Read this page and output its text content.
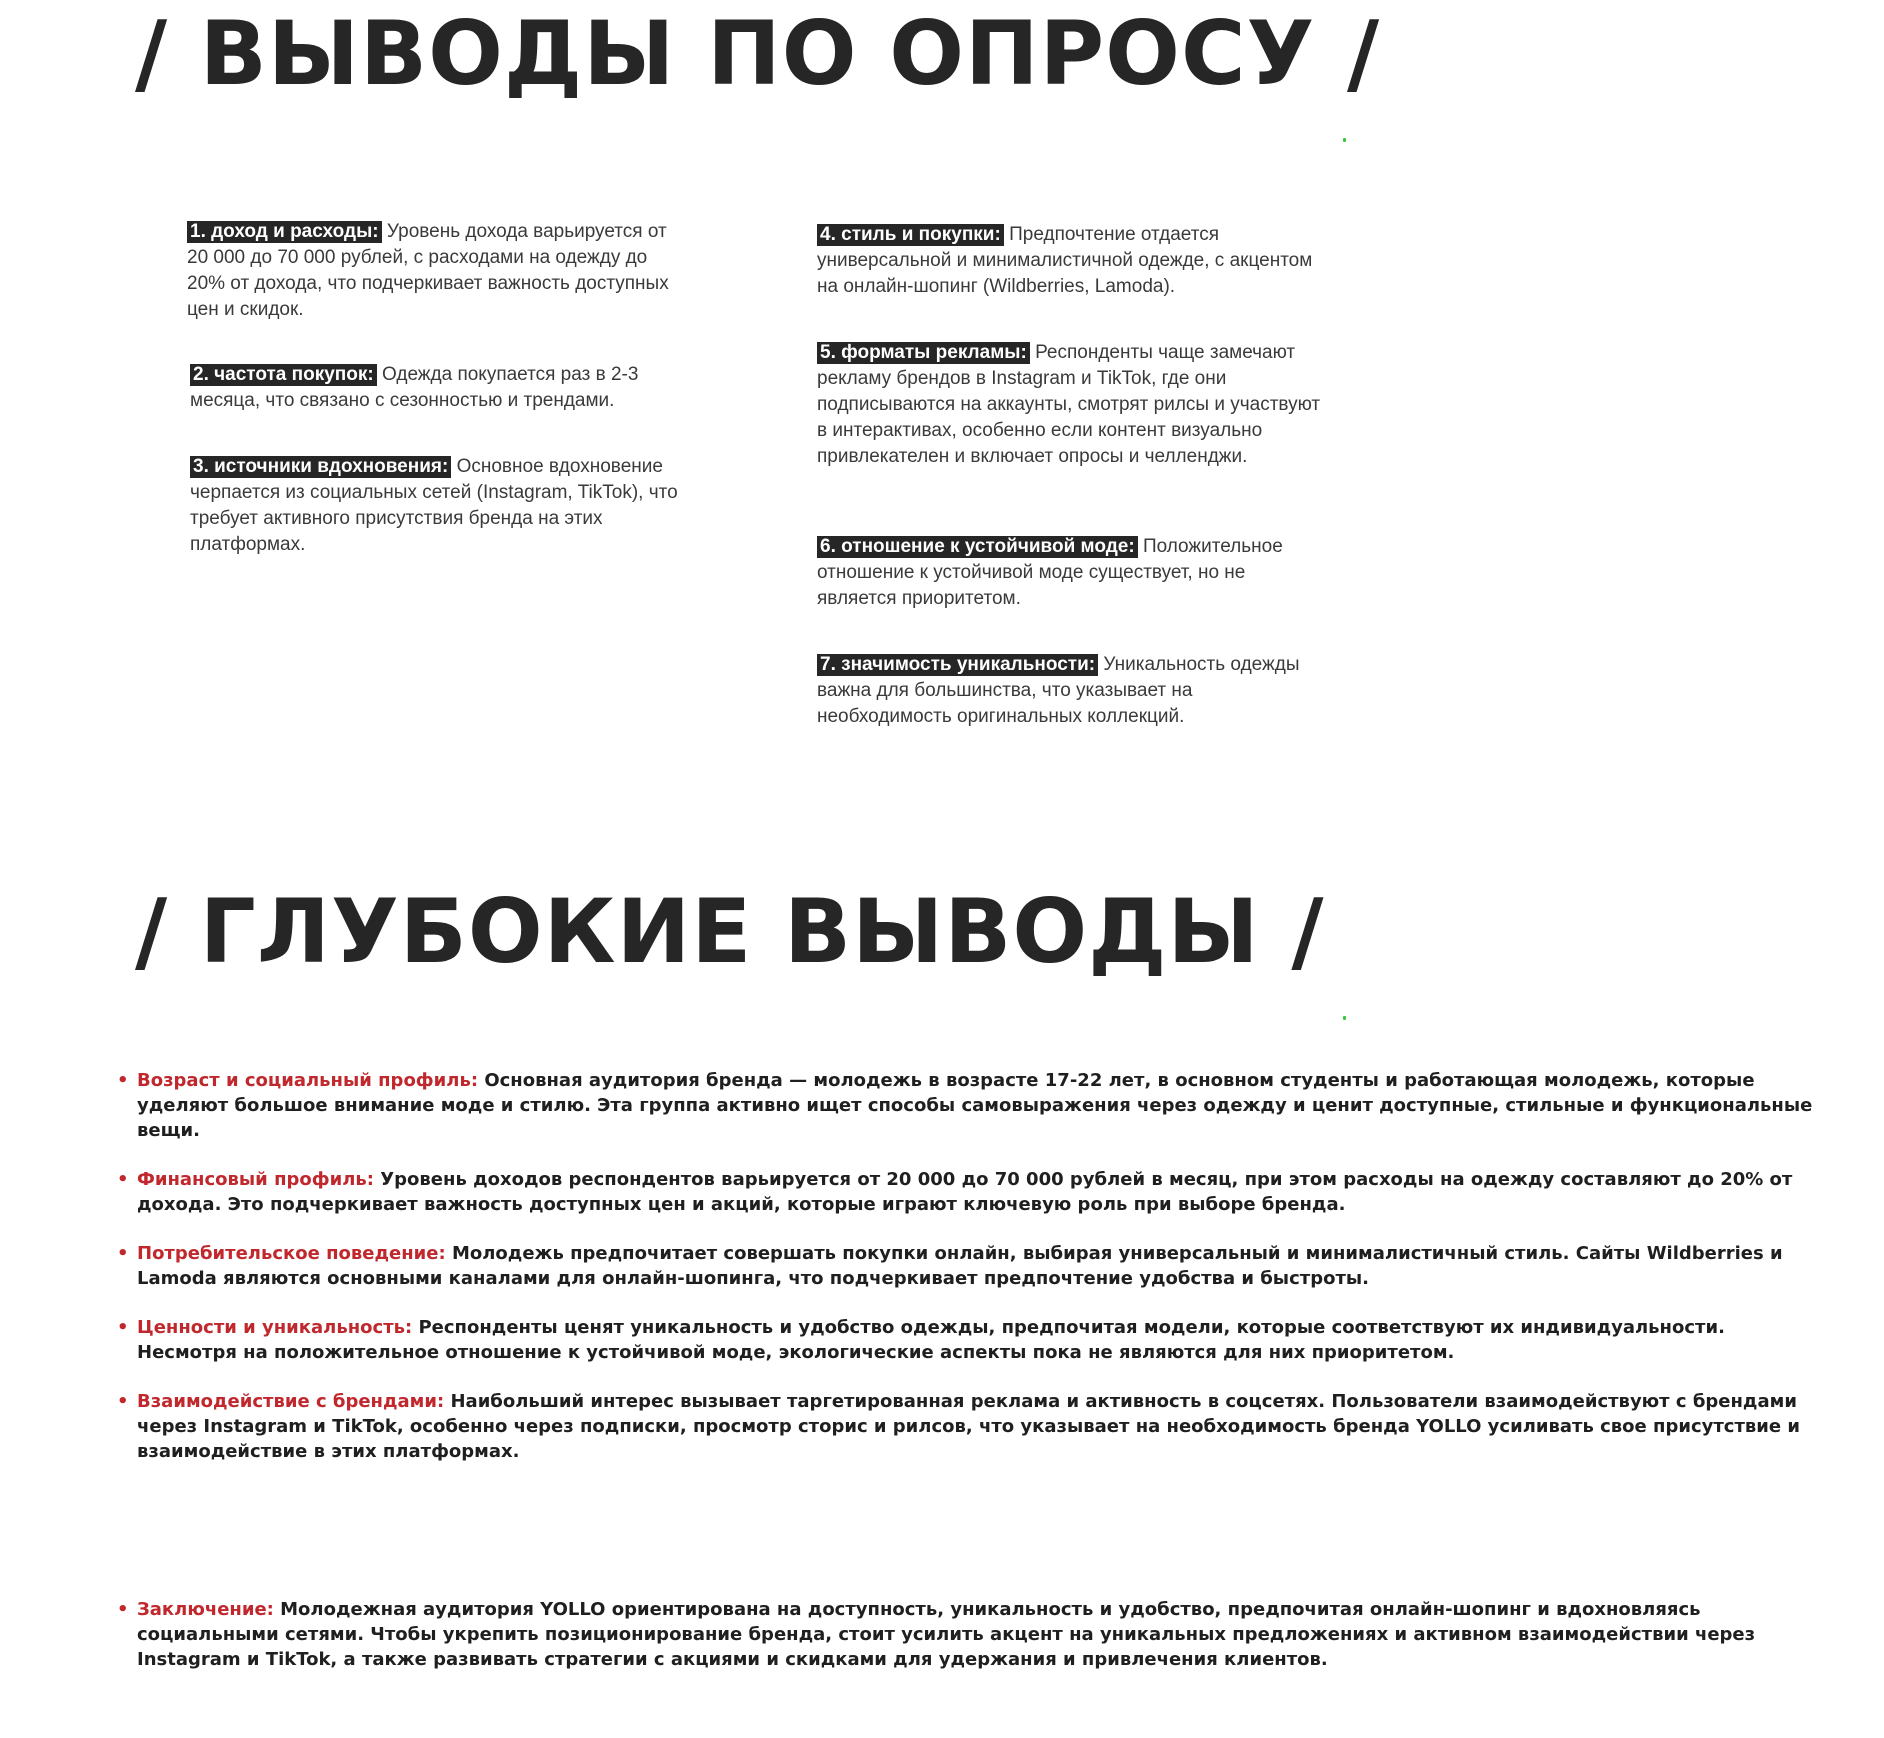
/ ВЫВОДЫ ПО ОПРОСУ /

1. доход и расходы: Уровень дохода варьируется от 20 000 до 70 000 рублей, с расходами на одежду до 20% от дохода, что подчеркивает важность доступных цен и скидок.

2. частота покупок: Одежда покупается раз в 2-3 месяца, что связано с сезонностью и трендами.

3. источники вдохновения: Основное вдохновение черпается из социальных сетей (Instagram, TikTok), что требует активного присутствия бренда на этих платформах.

4. стиль и покупки: Предпочтение отдается универсальной и минималистичной одежде, с акцентом на онлайн-шопинг (Wildberries, Lamoda).

5. форматы рекламы: Респонденты чаще замечают рекламу брендов в Instagram и TikTok, где они подписываются на аккаунты, смотрят рилсы и участвуют в интерактивах, особенно если контент визуально привлекателен и включает опросы и челленджи.

6. отношение к устойчивой моде: Положительное отношение к устойчивой моде существует, но не является приоритетом.

7. значимость уникальности: Уникальность одежды важна для большинства, что указывает на необходимость оригинальных коллекций.

/ ГЛУБОКИЕ ВЫВОДЫ /
• Возраст и социальный профиль: Основная аудитория бренда — молодежь в возрасте 17-22 лет, в основном студенты и работающая молодежь, которые уделяют большое внимание моде и стилю. Эта группа активно ищет способы самовыражения через одежду и ценит доступные, стильные и функциональные вещи.
• Финансовый профиль: Уровень доходов респондентов варьируется от 20 000 до 70 000 рублей в месяц, при этом расходы на одежду составляют до 20% от дохода. Это подчеркивает важность доступных цен и акций, которые играют ключевую роль при выборе бренда.
• Потребительское поведение: Молодежь предпочитает совершать покупки онлайн, выбирая универсальный и минималистичный стиль. Сайты Wildberries и Lamoda являются основными каналами для онлайн-шопинга, что подчеркивает предпочтение удобства и быстроты.
• Ценности и уникальность: Респонденты ценят уникальность и удобство одежды, предпочитая модели, которые соответствуют их индивидуальности. Несмотря на положительное отношение к устойчивой моде, экологические аспекты пока не являются для них приоритетом.
• Взаимодействие с брендами: Наибольший интерес вызывает таргетированная реклама и активность в соцсетях. Пользователи взаимодействуют с брендами через Instagram и TikTok, особенно через подписки, просмотр сторис и рилсов, что указывает на необходимость бренда YOLLO усиливать свое присутствие и взаимодействие в этих платформах.
• Заключение: Молодежная аудитория YOLLO ориентирована на доступность, уникальность и удобство, предпочитая онлайн-шопинг и вдохновляясь социальными сетями. Чтобы укрепить позиционирование бренда, стоит усилить акцент на уникальных предложениях и активном взаимодействии через Instagram и TikTok, а также развивать стратегии с акциями и скидками для удержания и привлечения клиентов.
